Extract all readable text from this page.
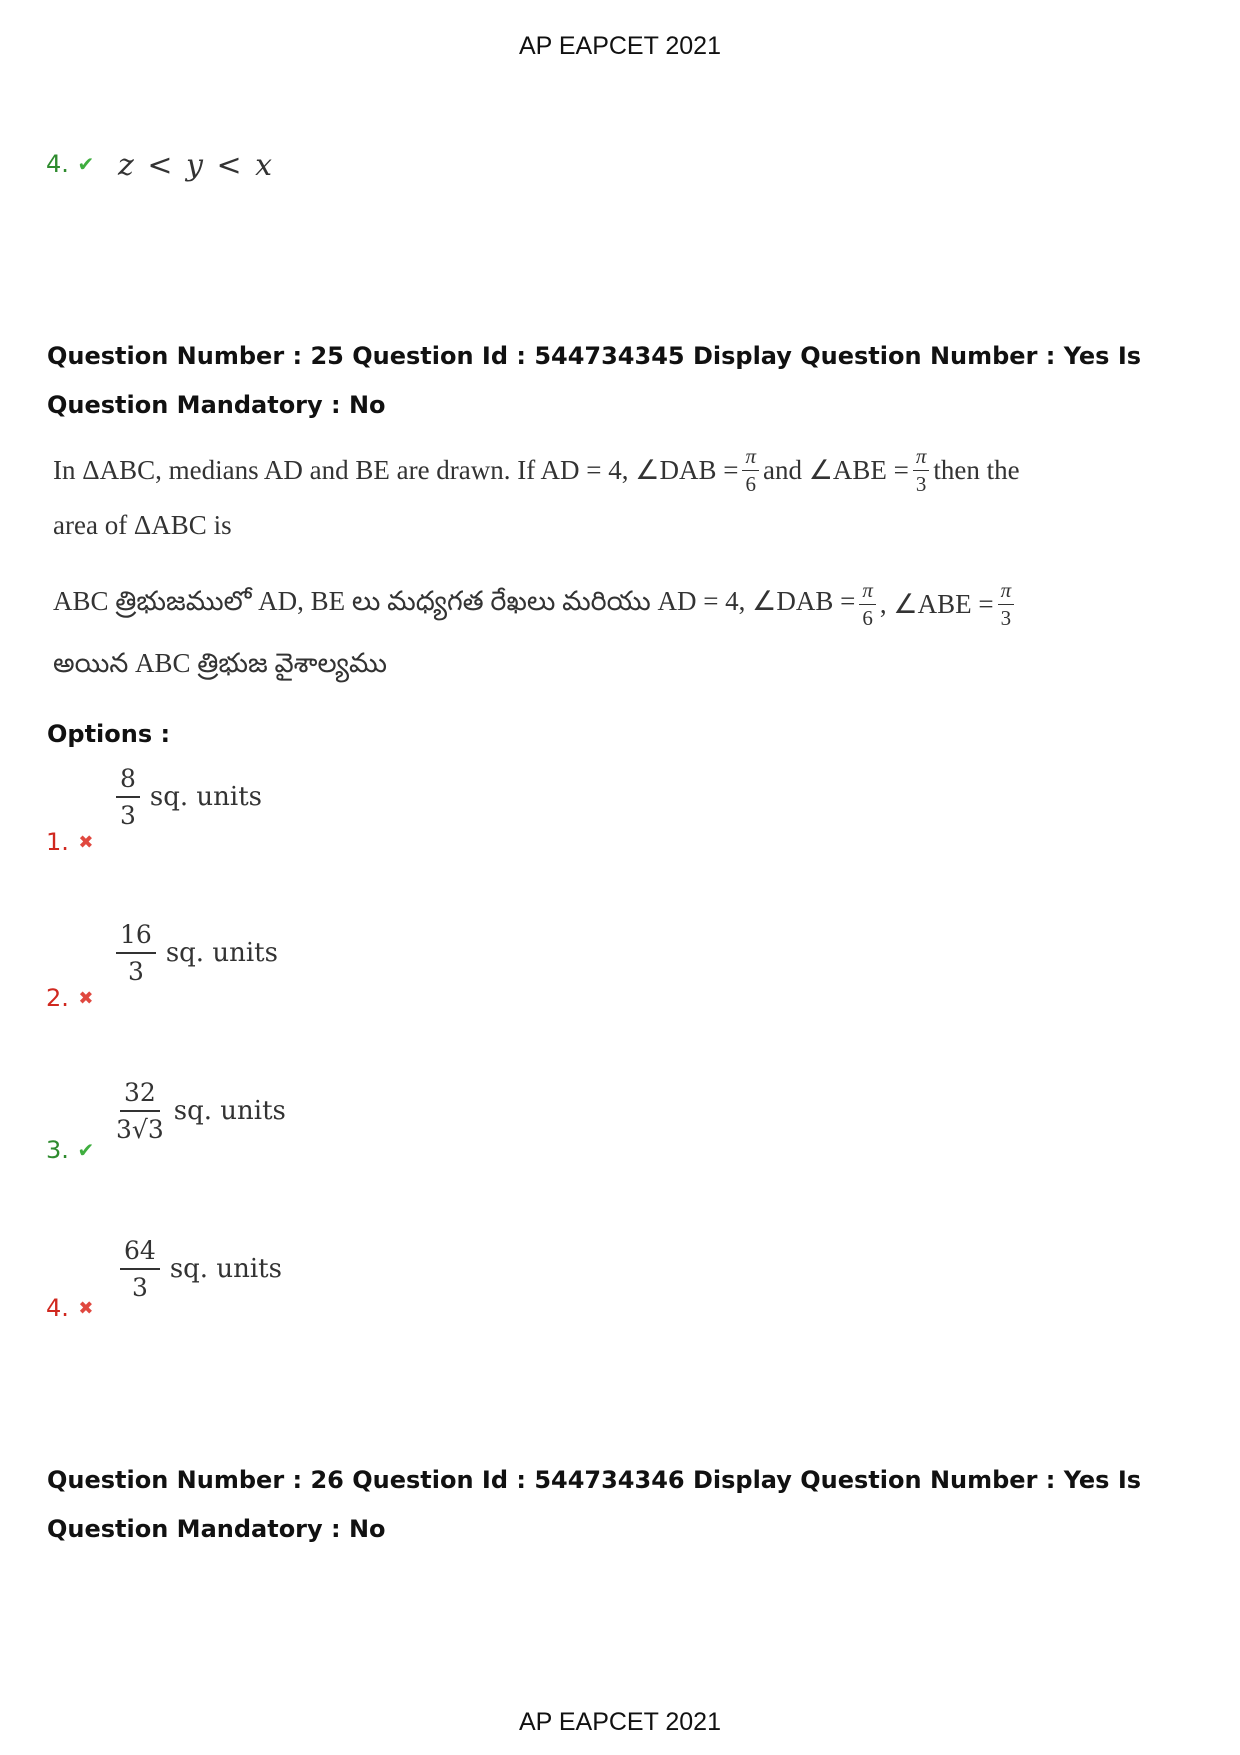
AP EAPCET 2021
4. ✔ z < y < x
Question Number : 25 Question Id : 544734345 Display Question Number : Yes Is Question Mandatory : No
In ΔABC, medians AD and BE are drawn. If AD = 4, ∠DAB = $\frac{\pi}{6}$ and ∠ABE = $\frac{\pi}{3}$ then the
area of ΔABC is
ABC త్రిభుజములో AD, BE లు మధ్యగత రేఖలు మరియు AD = 4, ∠DAB = $\frac{\pi}{6}$ , ∠ABE = $\frac{\pi}{3}$
అయిన ABC త్రిభుజ వైశాల్యము
Options :
1. ✖
$\frac{8}{3}$ sq. units
2. ✖
$\frac{16}{3}$ sq. units
3. ✔
$\frac{32}{3√3}$ sq. units
4. ✖
$\frac{64}{3}$ sq. units
Question Number : 26 Question Id : 544734346 Display Question Number : Yes Is Question Mandatory : No
AP EAPCET 2021
